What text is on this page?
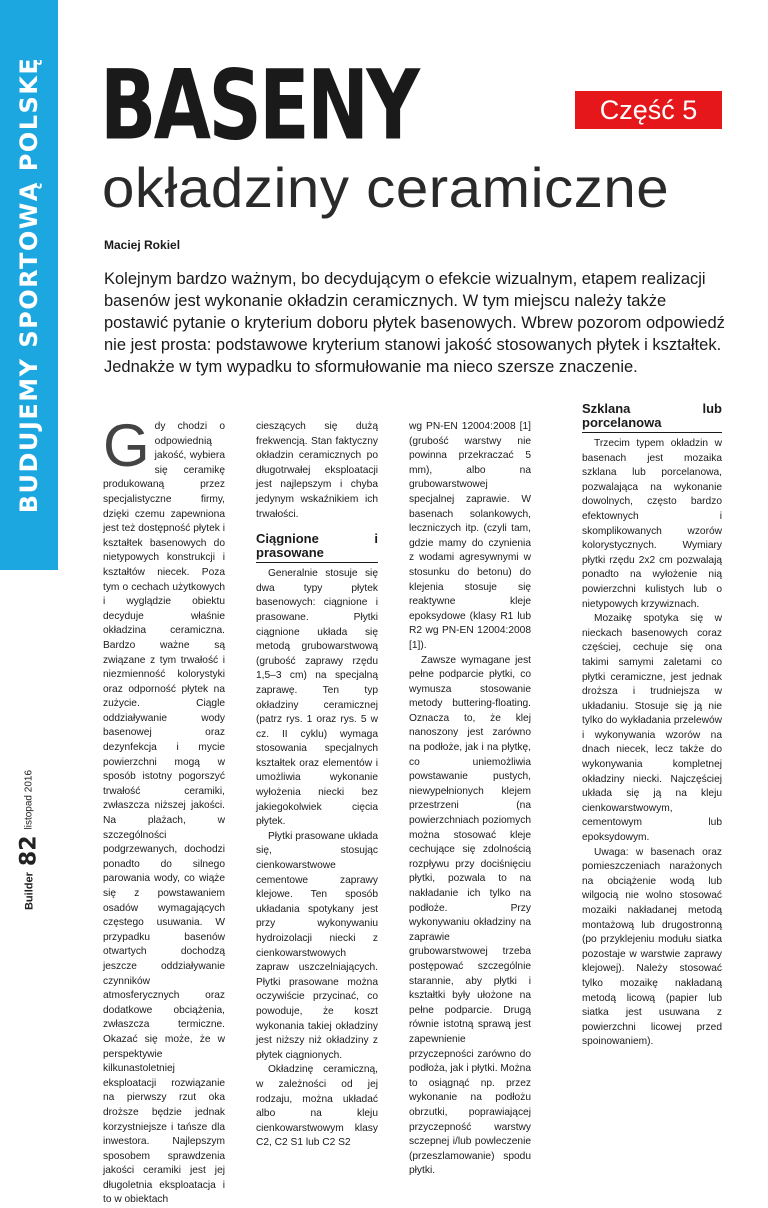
BUDUJEMY SPORTOWĄ POLSKĘ
Builder
82
listopad 2016
BASENY	Część 5
okładziny ceramiczne
Maciej Rokiel

Kolejnym bardzo ważnym, bo decydującym o efekcie wizualnym, etapem realizacji basenów jest wykonanie okładzin ceramicznych. W tym miejscu należy także postawić pytanie o kryterium doboru płytek basenowych. Wbrew pozorom odpowiedź nie jest prosta: podstawowe kryterium stanowi jakość stosowanych płytek i kształtek. Jednakże w tym wypadku to sformułowanie ma nieco szersze znaczenie.

G dy chodzi o odpowiednią jakość, wybiera się ceramikę produkowaną przez specjalistyczne firmy, dzięki czemu zapewniona jest też dostępność płytek i kształtek basenowych do nietypowych konstrukcji i kształtów niecek. Poza tym o cechach użytkowych i wyglądzie obiektu decyduje właśnie okładzina ceramiczna. Bardzo ważne są związane z tym trwałość i niezmienność kolorystyki oraz odporność płytek na zużycie. Ciągle oddziaływanie wody basenowej oraz dezynfekcja i mycie powierzchni mogą w sposób istotny pogorszyć trwałość ceramiki, zwłaszcza niższej jakości. Na plażach, w szczególności podgrzewanych, dochodzi ponadto do silnego parowania wody, co wiąże się z powstawaniem osadów wymagających częstego usuwania. W przypadku basenów otwartych dochodzą jeszcze oddziaływanie czynników atmosferycznych oraz dodatkowe obciążenia, zwłaszcza termiczne. Okazać się może, że w perspektywie kilkunastoletniej eksploatacji rozwiązanie na pierwszy rzut oka droższe będzie jednak korzystniejsze i tańsze dla inwestora. Najlepszym sposobem sprawdzenia jakości ceramiki jest jej długoletnia eksploatacja i to w obiektach

cieszących się dużą frekwencją. Stan faktyczny okładzin ceramicznych po długotrwałej eksploatacji jest najlepszym i chyba jedynym wskaźnikiem ich trwałości.

Ciągnione i prasowane

Generalnie stosuje się dwa typy płytek basenowych: ciągnione i prasowane. Płytki ciągnione układa się metodą grubowarstwową (grubość zaprawy rzędu 1,5–3 cm) na specjalną zaprawę. Ten typ okładziny ceramicznej (patrz rys. 1 oraz rys. 5 w cz. II cyklu) wymaga stosowania specjalnych kształtek oraz elementów i umożliwia wykonanie wyłożenia niecki bez jakiegokolwiek cięcia płytek.

Płytki prasowane układa się, stosując cienkowarstwowe cementowe zaprawy klejowe. Ten sposób układania spotykany jest przy wykonywaniu hydroizolacji niecki z cienkowarstwowych zapraw uszczelniających. Płytki prasowane można oczywiście przycinać, co powoduje, że koszt wykonania takiej okładziny jest niższy niż okładziny z płytek ciągnionych.

Okładzinę ceramiczną, w zależności od jej rodzaju, można układać albo na kleju cienkowarstwowym klasy C2, C2 S1 lub C2 S2

wg PN-EN 12004:2008 [1] (grubość warstwy nie powinna przekraczać 5 mm), albo na grubowarstwowej specjalnej zaprawie. W basenach solankowych, leczniczych itp. (czyli tam, gdzie mamy do czynienia z wodami agresywnymi w stosunku do betonu) do klejenia stosuje się reaktywne kleje epoksydowe (klasy R1 lub R2 wg PN-EN 12004:2008 [1]).

Zawsze wymagane jest pełne podparcie płytki, co wymusza stosowanie metody buttering-floating. Oznacza to, że klej nanoszony jest zarówno na podłoże, jak i na płytkę, co uniemożliwia powstawanie pustych, niewypełnionych klejem przestrzeni (na powierzchniach poziomych można stosować kleje cechujące się zdolnością rozpływu przy dociśnięciu płytki, pozwala to na nakładanie ich tylko na podłoże. Przy wykonywaniu okładziny na zaprawie grubowarstwowej trzeba postępować szczególnie starannie, aby płytki i kształtki były ułożone na pełne podparcie. Drugą równie istotną sprawą jest zapewnienie przyczepności zarówno do podłoża, jak i płytki. Można to osiągnąć np. przez wykonanie na podłożu obrzutki, poprawiającej przyczepność warstwy sczepnej i/lub powleczenie (przeszlamowanie) spodu płytki.

Szklana lub porcelanowa

Trzecim typem okładzin w basenach jest mozaika szklana lub porcelanowa, pozwalająca na wykonanie dowolnych, często bardzo efektownych i skomplikowanych wzorów kolorystycznych. Wymiary płytki rzędu 2x2 cm pozwalają ponadto na wyłożenie nią powierzchni kulistych lub o nietypowych krzywiznach.

Mozaikę spotyka się w nieckach basenowych coraz częściej, cechuje się ona takimi samymi zaletami co płytki ceramiczne, jest jednak droższa i trudniejsza w układaniu. Stosuje się ją nie tylko do wykładania przelewów i wykonywania wzorów na dnach niecek, lecz także do wykonywania kompletnej okładziny niecki. Najczęściej układa się ją na kleju cienkowarstwowym, cementowym lub epoksydowym.

Uwaga: w basenach oraz pomieszczeniach narażonych na obciążenie wodą lub wilgocią nie wolno stosować mozaiki nakładanej metodą montażową lub drugostronną (po przyklejeniu modułu siatka pozostaje w warstwie zaprawy klejowej). Należy stosować tylko mozaikę nakładaną metodą licową (papier lub siatka jest usuwana z powierzchni licowej przed spoinowaniem).
